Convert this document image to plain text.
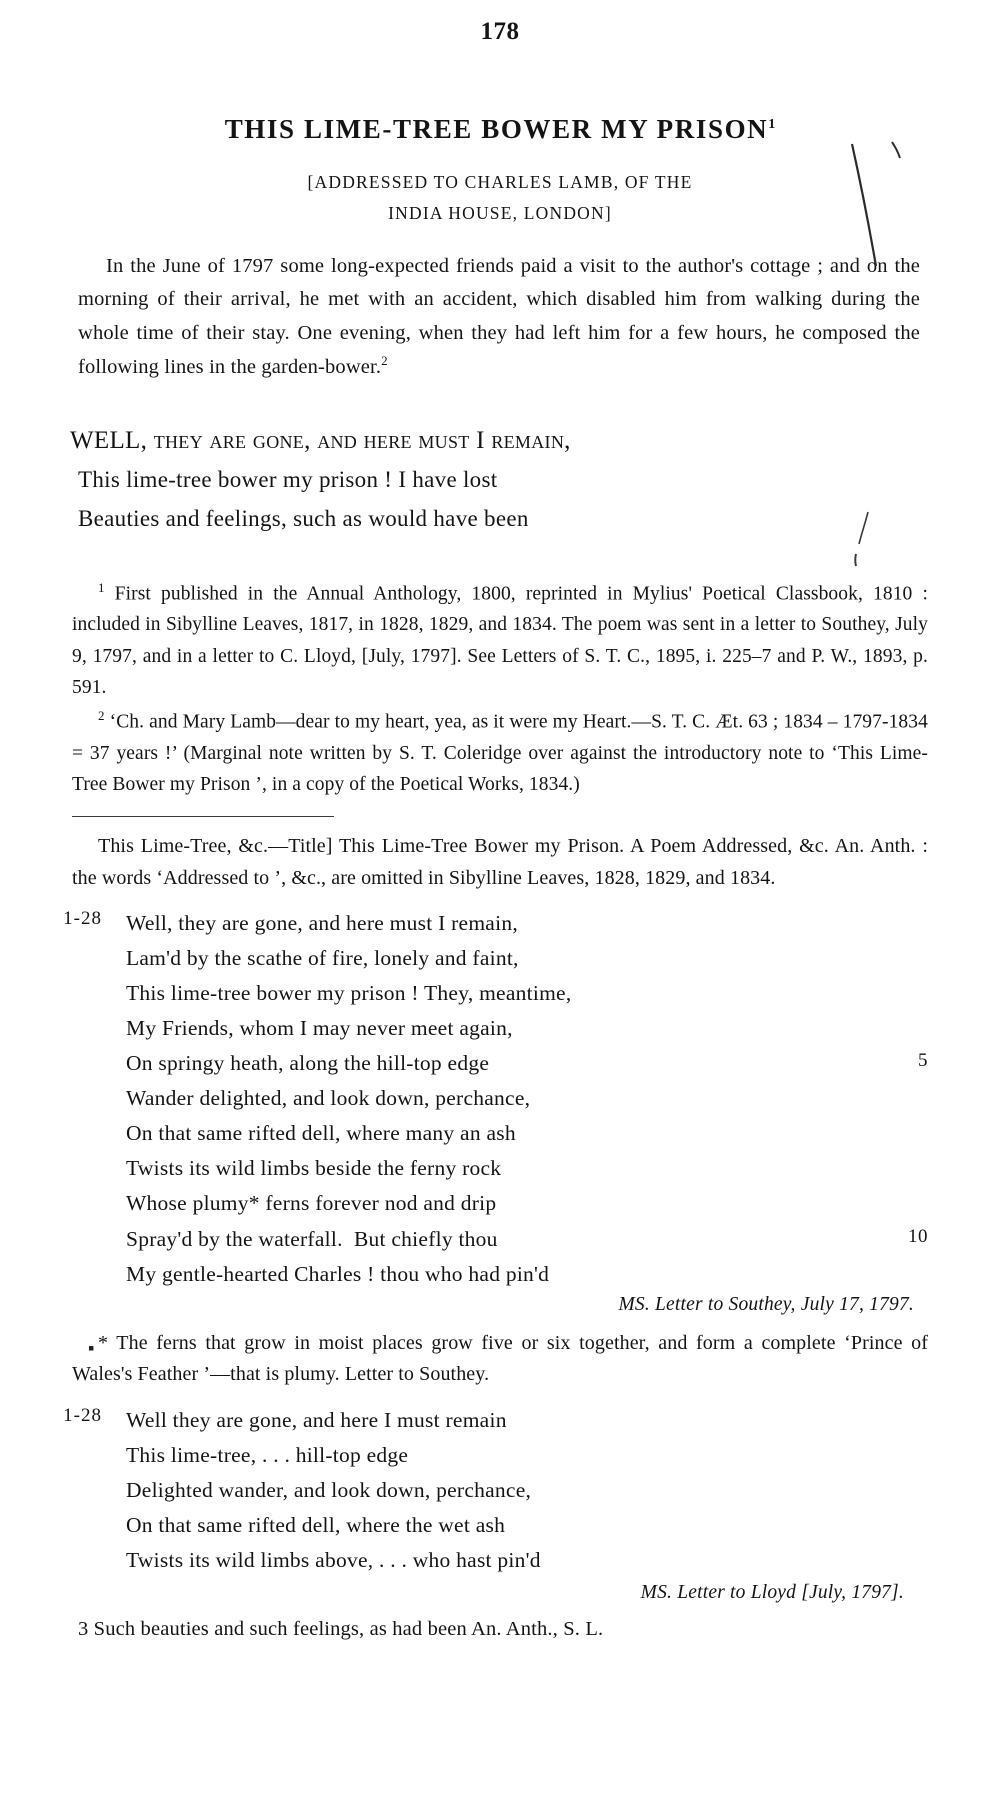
178
THIS LIME-TREE BOWER MY PRISON$^1$
[ADDRESSED TO CHARLES LAMB, OF THE
INDIA HOUSE, LONDON]
In the June of 1797 some long-expected friends paid a visit to the author's cottage ; and on the morning of their arrival, he met with an accident, which disabled him from walking during the whole time of their stay. One evening, when they had left him for a few hours, he composed the following lines in the garden-bower.$^2$
WELL, they are gone, and here must I remain,
This lime-tree bower my prison ! I have lost
Beauties and feelings, such as would have been

$^1$ First published in the Annual Anthology, 1800, reprinted in Mylius' Poetical Classbook, 1810 : included in Sibylline Leaves, 1817, in 1828, 1829, and 1834. The poem was sent in a letter to Southey, July 9, 1797, and in a letter to C. Lloyd, [July, 1797]. See Letters of S. T. C., 1895, i. 225–7 and P. W., 1893, p. 591.

$^2$ ‘Ch. and Mary Lamb—dear to my heart, yea, as it were my Heart.—S. T. C. Æt. 63 ; 1834 – 1797-1834 = 37 years !’ (Marginal note written by S. T. Coleridge over against the introductory note to ‘This Lime-Tree Bower my Prison ’, in a copy of the Poetical Works, 1834.)

This Lime-Tree, &c.—Title] This Lime-Tree Bower my Prison. A Poem Addressed, &c. An. Anth. : the words ‘Addressed to ’, &c., are omitted in Sibylline Leaves, 1828, 1829, and 1834.

1-28	Well, they are gone, and here must I remain,
Lam'd by the scathe of fire, lonely and faint,
This lime-tree bower my prison ! They, meantime,
My Friends, whom I may never meet again,
On springy heath, along the hill-top edge	5
Wander delighted, and look down, perchance,
On that same rifted dell, where many an ash
Twists its wild limbs beside the ferny rock
Whose plumy* ferns forever nod and drip
Spray'd by the waterfall.  But chiefly thou	10
My gentle-hearted Charles ! thou who had pin'd
MS. Letter to Southey, July 17, 1797.

* The ferns that grow in moist places grow five or six together, and form a complete ‘Prince of Wales's Feather ’—that is plumy. Letter to Southey.

1-28	Well they are gone, and here I must remain
This lime-tree, . . . hill-top edge
Delighted wander, and look down, perchance,
On that same rifted dell, where the wet ash
Twists its wild limbs above, . . . who hast pin'd
MS. Letter to Lloyd [July, 1797].
3 Such beauties and such feelings, as had been An. Anth., S. L.
▪
